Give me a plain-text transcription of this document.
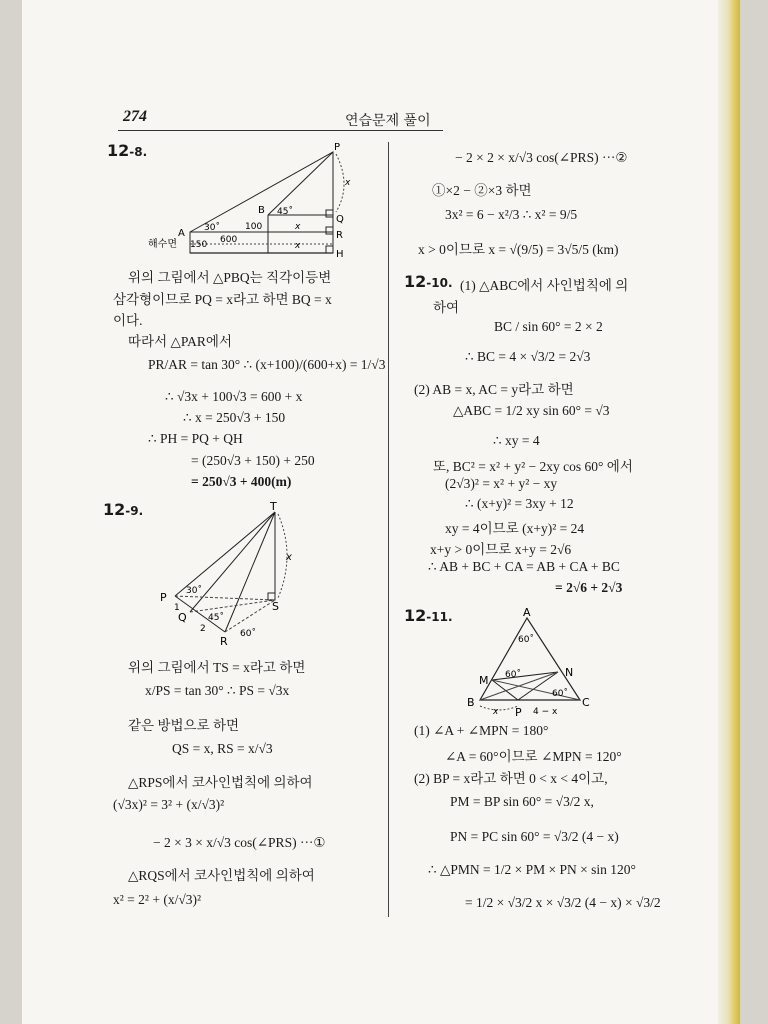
274	연습문제 풀이
12-8.	P
A
B
Q
R
H
해수면
30˚
45˚
100
150 600
x
x
x
위의 그림에서 △PBQ는 직각이등변
삼각형이므로 PQ = x라고 하면 BQ = x
이다.
따라서 △PAR에서
PR/AR = tan 30° ∴ (x+100)/(600+x) = 1/√3
∴ √3x + 100√3 = 600 + x
∴ x = 250√3 + 150
∴ PH = PQ + QH
= (250√3 + 150) + 250
= 250√3 + 400(m)
12-9.	T
P
Q
R
S
30˚
45˚
60˚
1
2
x
위의 그림에서 TS = x라고 하면
x/PS = tan 30° ∴ PS = √3x
같은 방법으로 하면
QS = x, RS = x/√3
△RPS에서 코사인법칙에 의하여
(√3x)² = 3² + (x/√3)²
− 2 × 3 × x/√3 cos(∠PRS) ···①
△RQS에서 코사인법칙에 의하여
x² = 2² + (x/√3)²
− 2 × 2 × x/√3 cos(∠PRS) ···②
①×2 − ②×3 하면
3x² = 6 − x²/3 ∴ x² = 9/5
x > 0이므로 x = √(9/5) = 3√5/5 (km)
12-10. (1) △ABC에서 사인법칙에 의
하여
BC / sin 60° = 2 × 2
∴ BC = 4 × √3/2 = 2√3
(2) AB = x, AC = y라고 하면
△ABC = 1/2 xy sin 60° = √3
∴ xy = 4
또, BC² = x² + y² − 2xy cos 60° 에서
(2√3)² = x² + y² − xy
∴ (x+y)² = 3xy + 12
xy = 4이므로 (x+y)² = 24
x+y > 0이므로 x+y = 2√6
∴ AB + BC + CA = AB + CA + BC
= 2√6 + 2√3
12-11.	A
B	C
M
N
P
60˚
60˚
60˚
x	4 − x
(1) ∠A + ∠MPN = 180°
∠A = 60°이므로 ∠MPN = 120°
(2) BP = x라고 하면 0 < x < 4이고,
PM = BP sin 60° = √3/2 x,
PN = PC sin 60° = √3/2 (4 − x)
∴ △PMN = 1/2 × PM × PN × sin 120°
= 1/2 × √3/2 x × √3/2 (4 − x) × √3/2
